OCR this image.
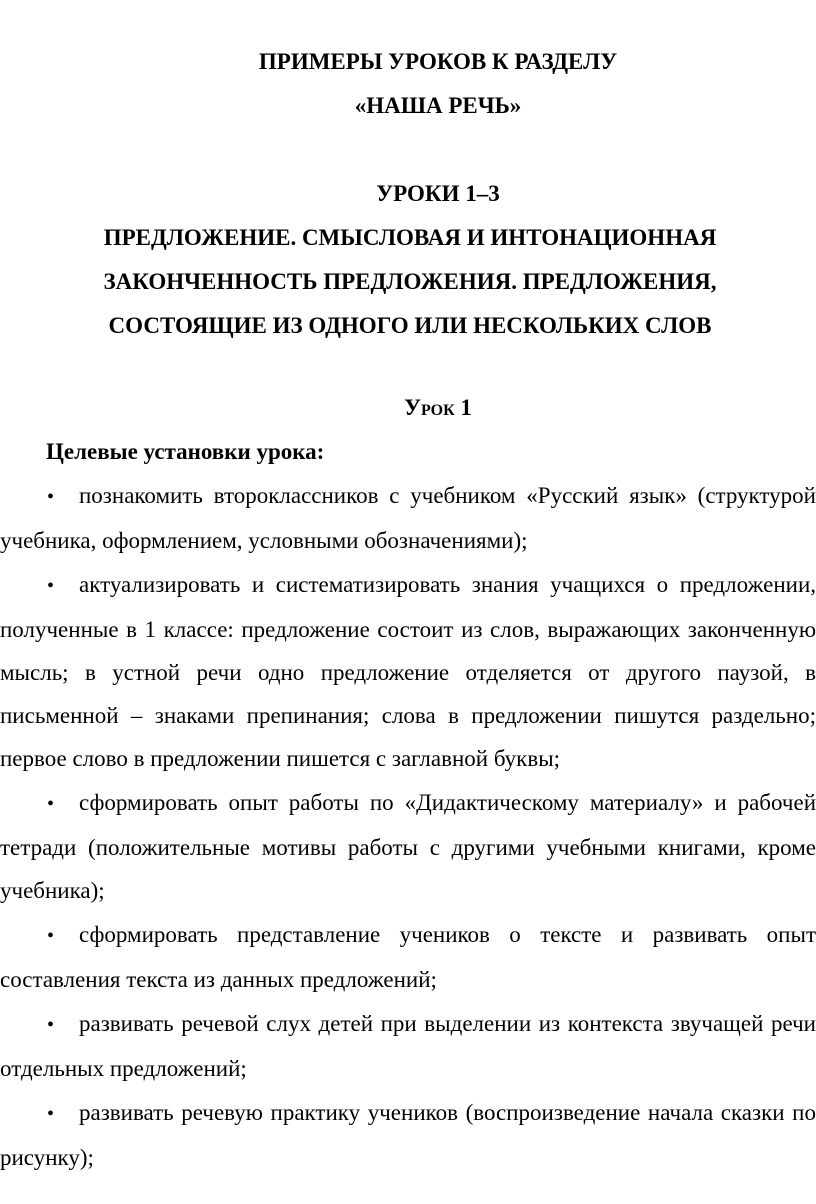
ПРИМЕРЫ УРОКОВ К РАЗДЕЛУ

«НАША РЕЧЬ»

УРОКИ 1–3

ПРЕДЛОЖЕНИЕ. СМЫСЛОВАЯ И ИНТОНАЦИОННАЯ
ЗАКОНЧЕННОСТЬ ПРЕДЛОЖЕНИЯ. ПРЕДЛОЖЕНИЯ,
СОСТОЯЩИЕ ИЗ ОДНОГО ИЛИ НЕСКОЛЬКИХ СЛОВ

Урок 1

Целевые установки урока:

• познакомить второклассников с учебником «Русский язык» (структурой учебника, оформлением, условными обозначениями);
• актуализировать и систематизировать знания учащихся о предложении, полученные в 1 классе: предложение состоит из слов, выражающих законченную мысль; в устной речи одно предложение отделяется от другого паузой, в письменной – знаками препинания; слова в предложении пишутся раздельно; первое слово в предложении пишется с заглавной буквы;
• сформировать опыт работы по «Дидактическому материалу» и рабочей тетради (положительные мотивы работы с другими учебными книгами, кроме учебника);
• сформировать представление учеников о тексте и развивать опыт составления текста из данных предложений;
• развивать речевой слух детей при выделении из контекста звучащей речи отдельных предложений;
• развивать речевую практику учеников (воспроизведение начала сказки по рисунку);
